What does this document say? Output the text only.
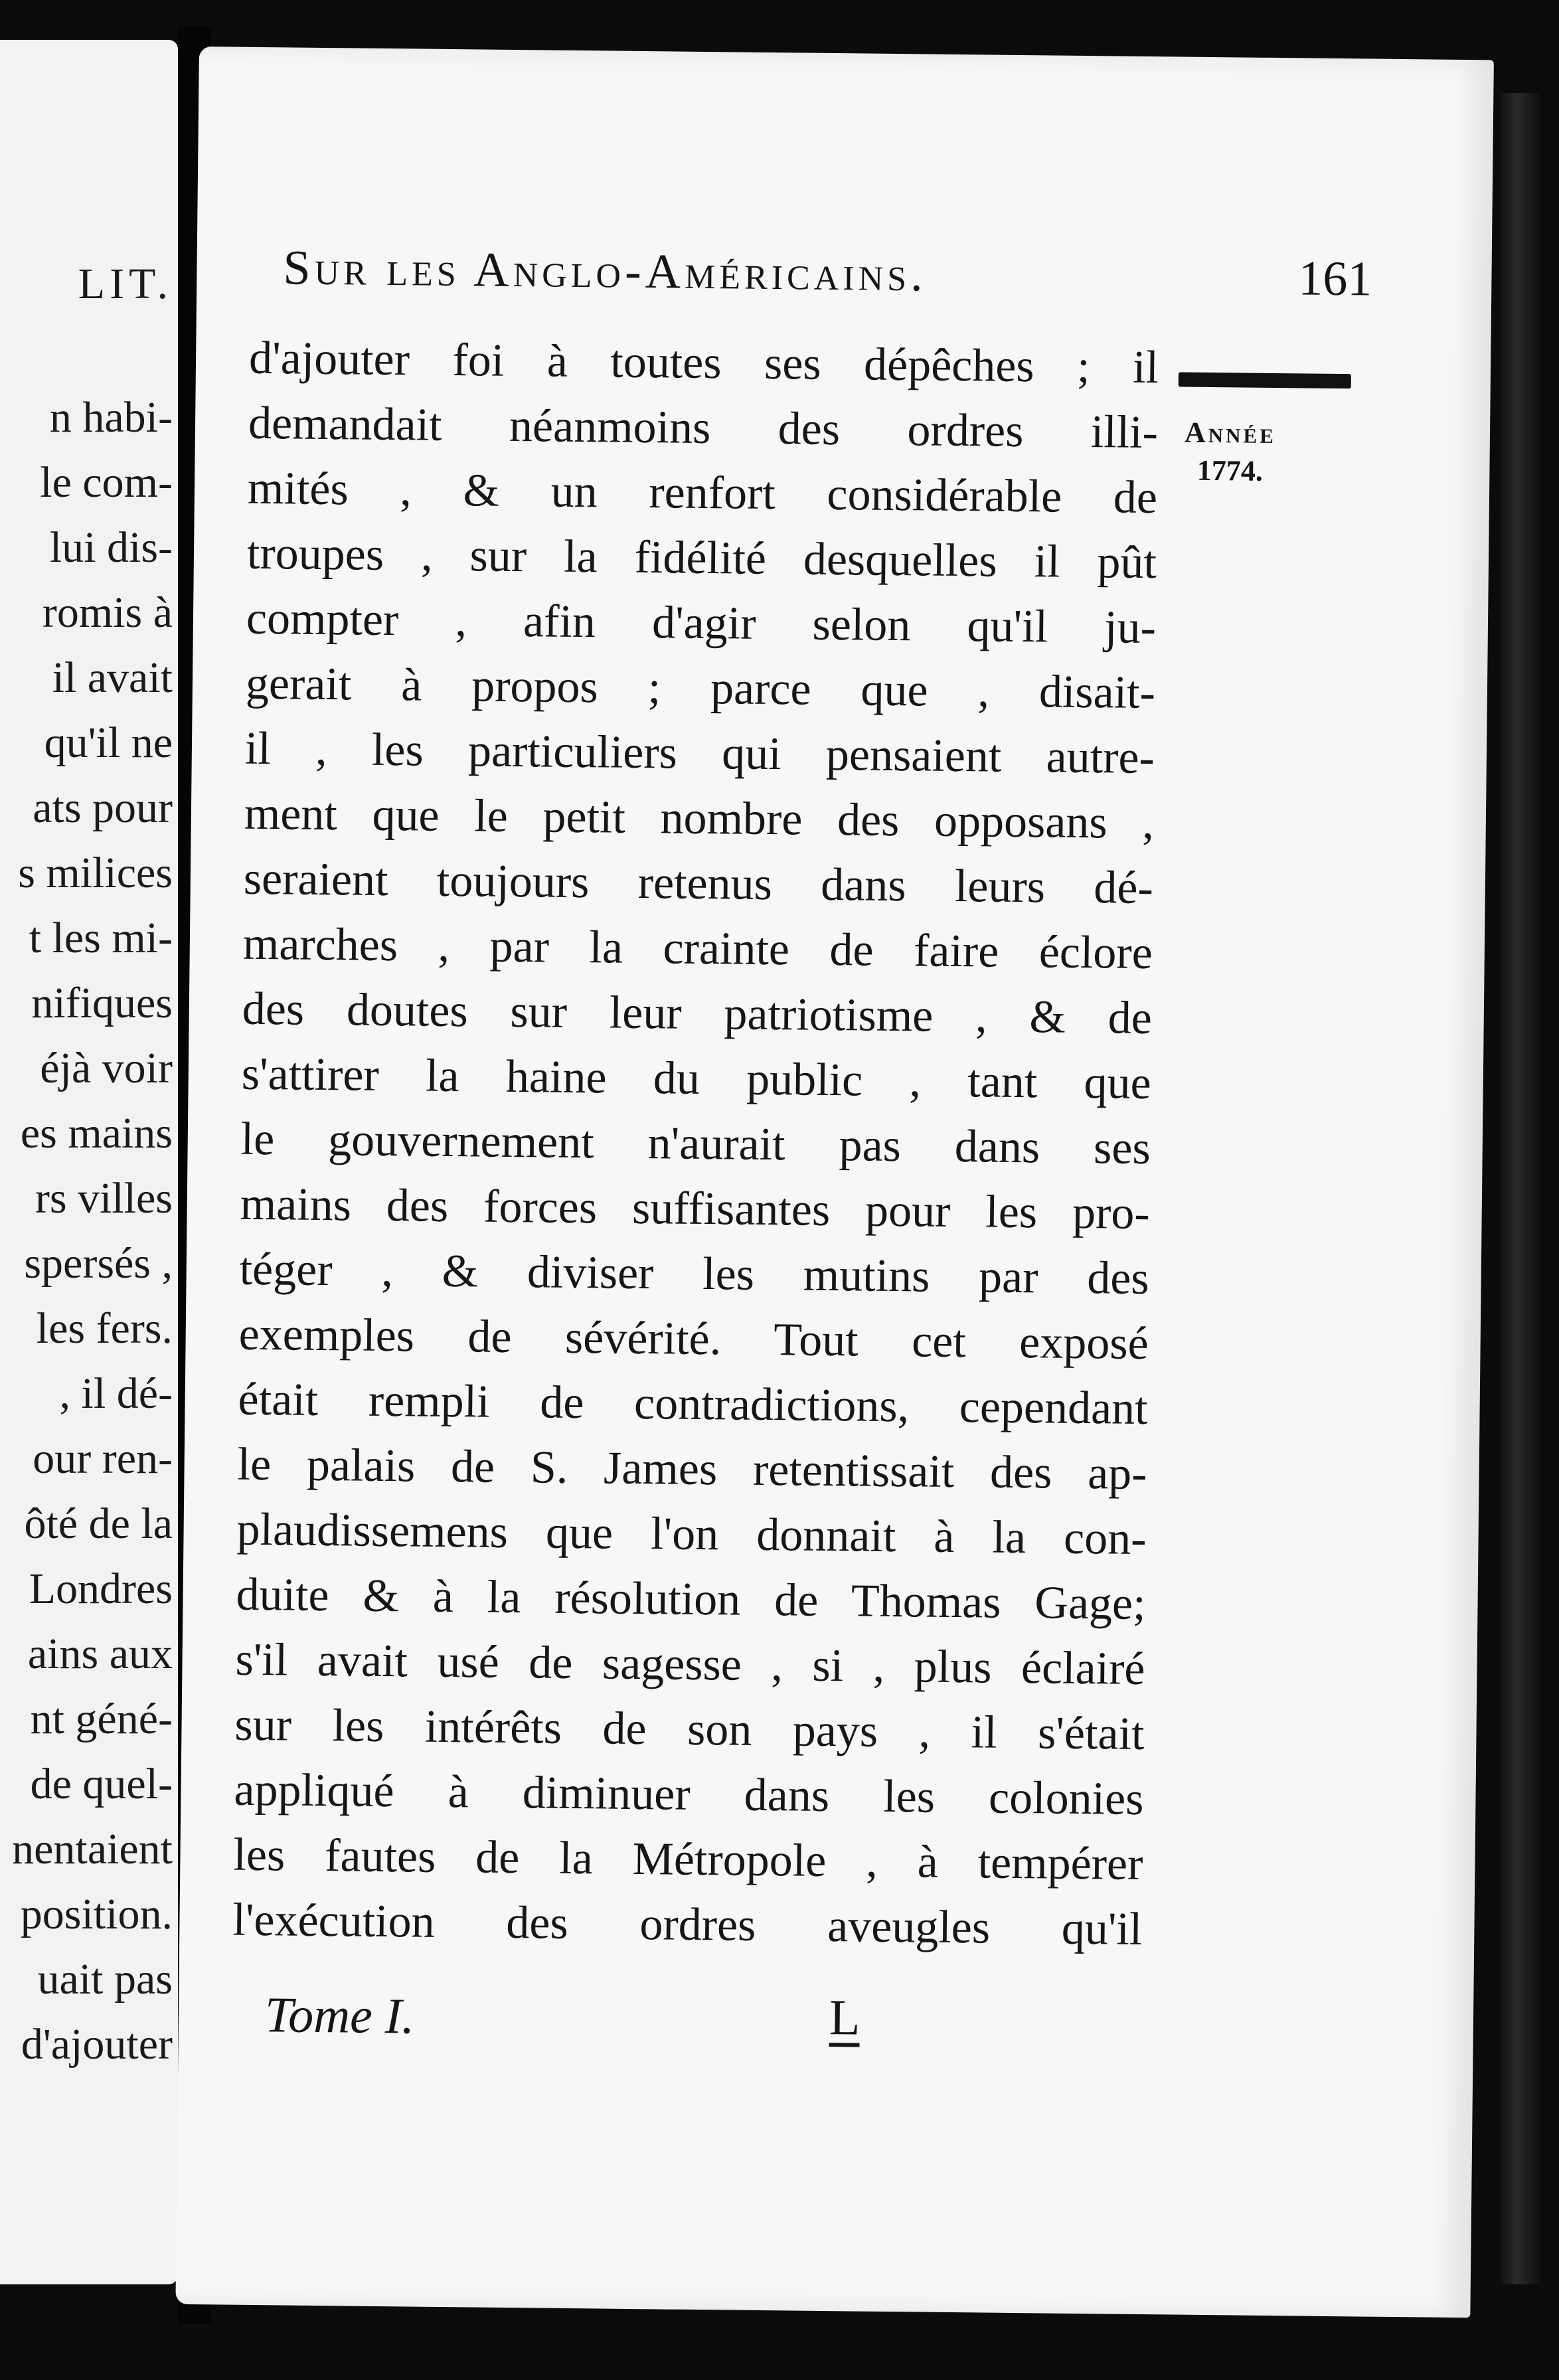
LIT.
n habi-
le com-
lui dis-
romis à
il avait
qu'il ne
ats pour
s milices
t les mi-
nifiques
éjà voir
es mains
rs villes
spersés ,
les fers.
, il dé-
our ren-
ôté de la
Londres
ains aux
nt géné-
de quel-
nentaient
position.
uait pas
d'ajouter
Sur les Anglo-Américains.	161
d'ajouter foi à toutes ses dépêches ; il
demandait néanmoins des ordres illi-
mités , & un renfort considérable de
troupes , sur la fidélité desquelles il pût
compter , afin d'agir selon qu'il ju-
gerait à propos ; parce que , disait-
il , les particuliers qui pensaient autre-
ment que le petit nombre des opposans ,
seraient toujours retenus dans leurs dé-
marches , par la crainte de faire éclore
des doutes sur leur patriotisme , & de
s'attirer la haine du public , tant que
le gouvernement n'aurait pas dans ses
mains des forces suffisantes pour les pro-
téger , & diviser les mutins par des
exemples de sévérité. Tout cet exposé
était rempli de contradictions, cependant
le palais de S. James retentissait des ap-
plaudissemens que l'on donnait à la con-
duite & à la résolution de Thomas Gage;
s'il avait usé de sagesse , si , plus éclairé
sur les intérêts de son pays , il s'était
appliqué à diminuer dans les colonies
les fautes de la Métropole , à tempérer
l'exécution des ordres aveugles qu'il
Année
1774.
Tome I.	L
